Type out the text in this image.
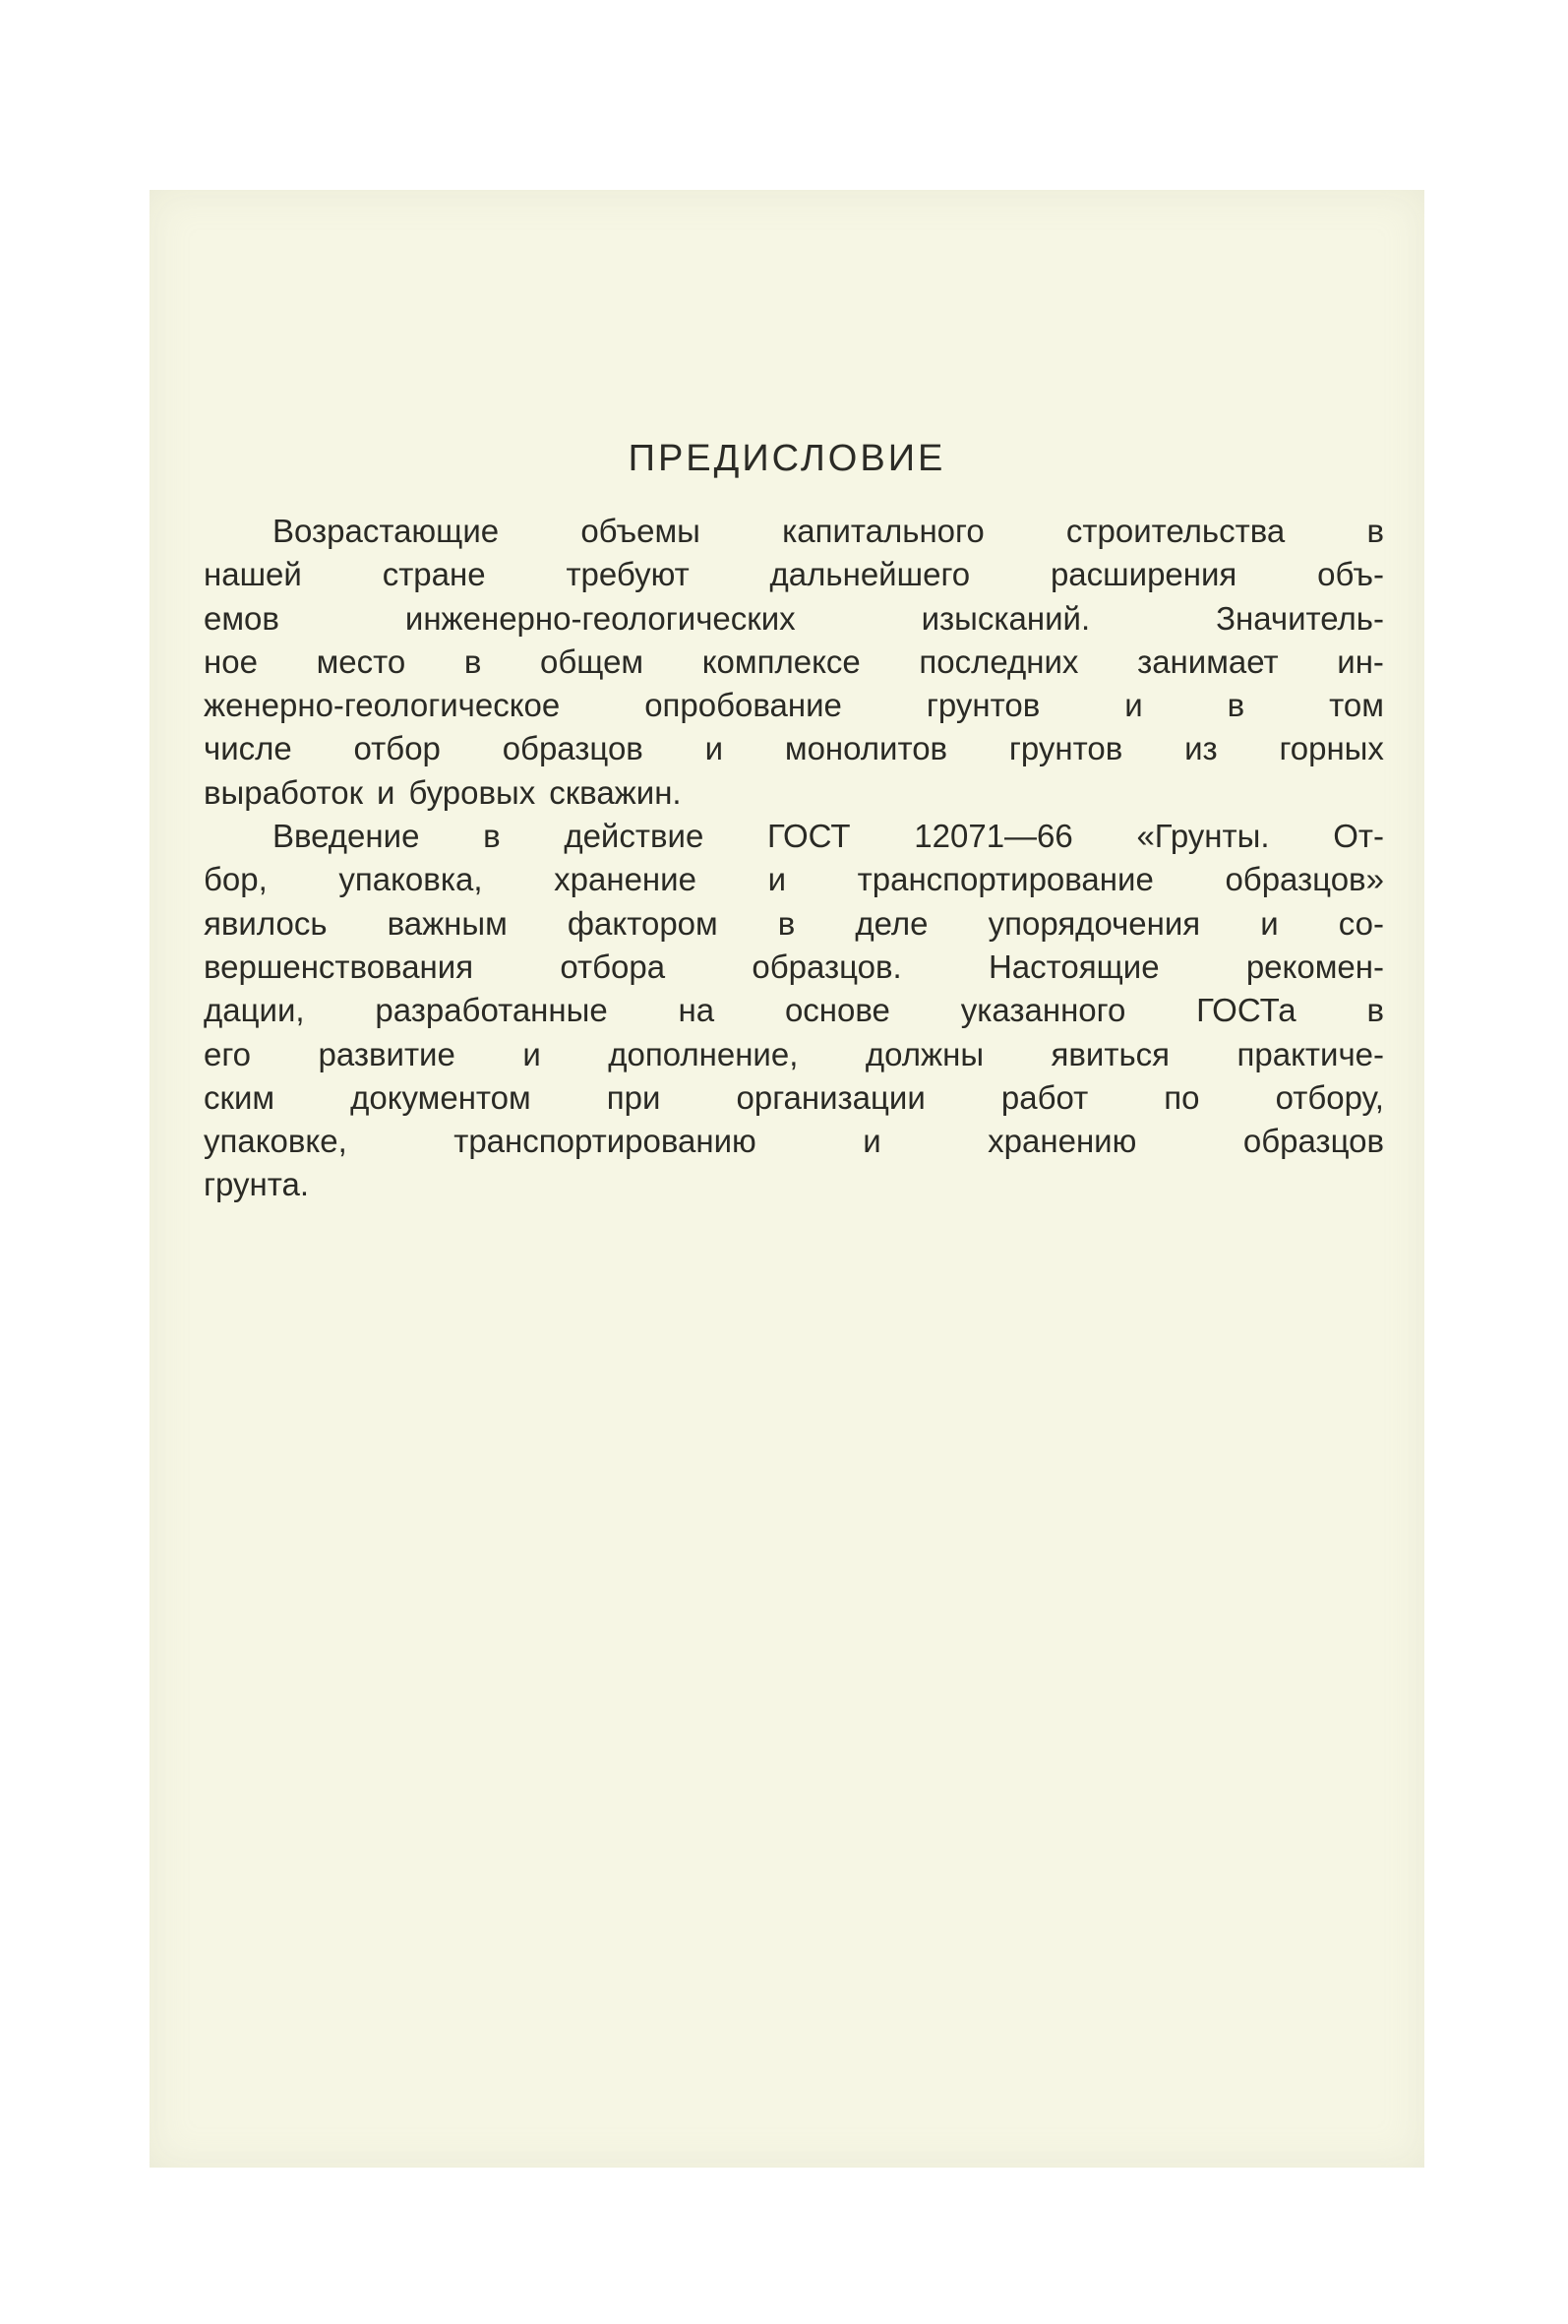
ПРЕДИСЛОВИЕ
Возрастающие	объемы	капитального	строительства	в
нашей стране требуют дальнейшего расширения объ-
емов	инженерно-геологических	изысканий.	Значитель-
ное место в общем комплексе последних занимает ин-
женерно-геологическое	опробование	грунтов	и	в	том
числе отбор образцов и монолитов грунтов из горных
выработок и буровых скважин.
Введение в действие ГОСТ 12071—66 «Грунты. От-
бор, упаковка, хранение и транспортирование образцов»
явилось важным фактором в деле упорядочения и со-
вершенствования	отбора	образцов.	Настоящие	рекомен-
дации, разработанные на основе указанного ГОСТа в
его развитие и дополнение, должны явиться практиче-
ским документом при организации работ по отбору,
упаковке,	транспортированию	и	хранению	образцов
грунта.
